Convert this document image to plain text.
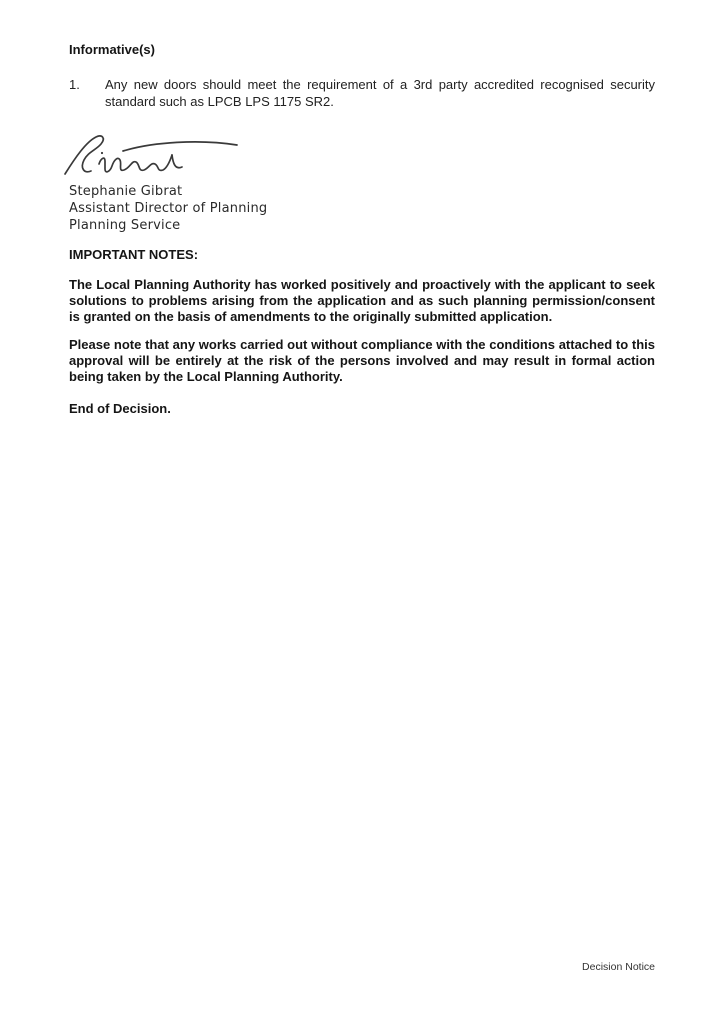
Informative(s)
1.	Any new doors should meet the requirement of a 3rd party accredited recognised security standard such as LPCB LPS 1175 SR2.
Stephanie Gibrat
Assistant Director of Planning
Planning Service
IMPORTANT NOTES:

The Local Planning Authority has worked positively and proactively with the applicant to seek solutions to problems arising from the application and as such planning permission/consent is granted on the basis of amendments to the originally submitted application.

Please note that any works carried out without compliance with the conditions attached to this approval will be entirely at the risk of the persons involved and may result in formal action being taken by the Local Planning Authority.

End of Decision.
Decision Notice
